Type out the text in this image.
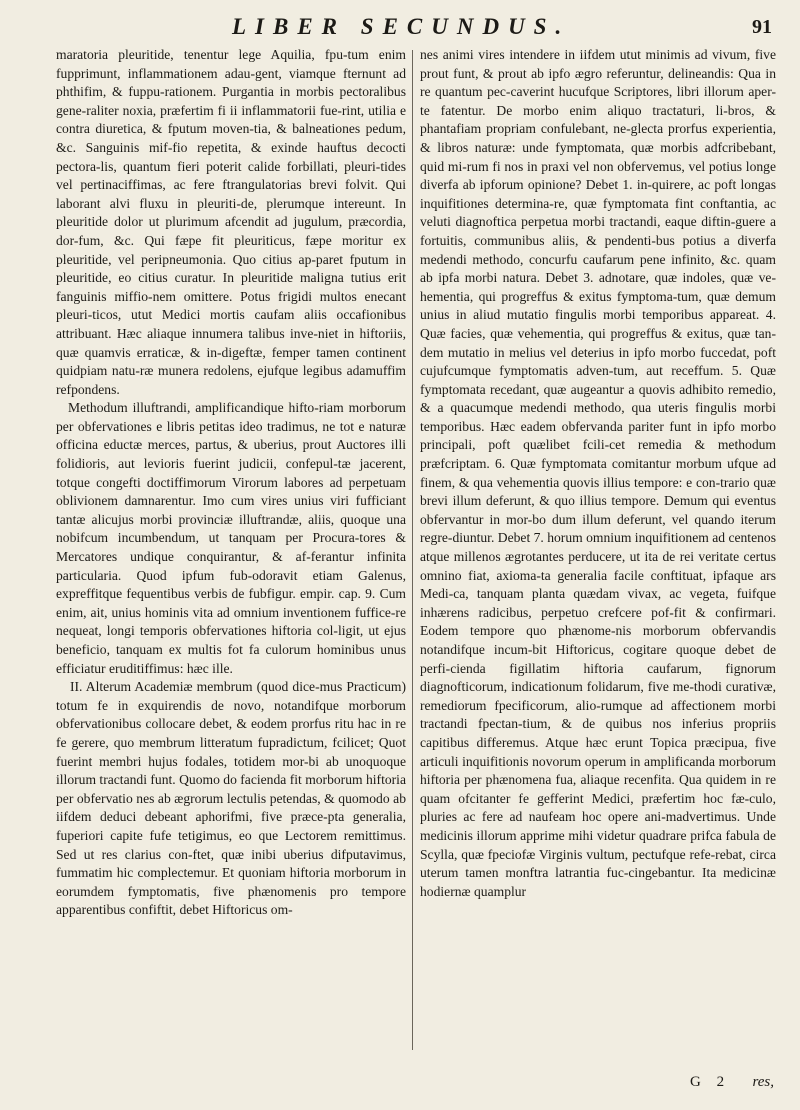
LIBER SECUNDUS.	91

maratoria pleuritide, tenentur lege Aquilia, fpu-tum enim fupprimunt, inflammationem adau-gent, viamque fternunt ad phthifim, & fuppu-rationem. Purgantia in morbis pectoralibus gene-raliter noxia, præfertim fi ii inflammatorii fue-rint, utilia e contra diuretica, & fputum moven-tia, & balneationes pedum, &c. Sanguinis mif-fio repetita, & exinde hauftus decocti pectora-lis, quantum fieri poterit calide forbillati, pleuri-tides vel pertinaciffimas, ac fere ftrangulatorias brevi folvit. Qui laborant alvi fluxu in pleuriti-de, plerumque intereunt. In pleuritide dolor ut plurimum afcendit ad jugulum, præcordia, dor-fum, &c. Qui fæpe fit pleuriticus, fæpe moritur ex pleuritide, vel peripneumonia. Quo citius ap-paret fputum in pleuritide, eo citius curatur. In pleuritide maligna tutius erit fanguinis miffio-nem omittere. Potus frigidi multos enecant pleuri-ticos, utut Medici mortis caufam aliis occafionibus attribuant. Hæc aliaque innumera talibus inve-niet in hiftoriis, quæ quamvis erraticæ, & in-digeftæ, femper tamen continent quidpiam natu-ræ munera redolens, ejufque legibus adamuffim refpondens.

Methodum illuftrandi, amplificandique hifto-riam morborum per obfervationes e libris petitas ideo tradimus, ne tot e naturæ officina eductæ merces, partus, & uberius, prout Auctores illi folidioris, aut levioris fuerint judicii, confepul-tæ jacerent, totque congefti doctiffimorum Virorum labores ad perpetuam oblivionem damnarentur. Imo cum vires unius viri fufficiant tantæ alicujus morbi provinciæ illuftrandæ, aliis, quoque una nobifcum incumbendum, ut tanquam per Procura-tores & Mercatores undique conquirantur, & af-ferantur infinita particularia. Quod ipfum fub-odoravit etiam Galenus, expreffitque fequentibus verbis de fubfigur. empir. cap. 9. Cum enim, ait, unius hominis vita ad omnium inventionem fuffice-re nequeat, longi temporis obfervationes hiftoria col-ligit, ut ejus beneficio, tanquam ex multis fot fa culorum hominibus unus efficiatur eruditiffimus: hæc ille.

II. Alterum Academiæ membrum (quod dice-mus Practicum) totum fe in exquirendis de novo, notandifque morborum obfervationibus collocare debet, & eodem prorfus ritu hac in re fe gerere, quo membrum litteratum fupradictum, fcilicet; Quot fuerint membri hujus fodales, totidem mor-bi ab unoquoque illorum tractandi funt. Quomo do faciendа fit morborum hiftoria per obfervatio nes ab ægrorum lectulis petendas, & quomodo ab iifdem deduci debeant aphorifmi, five præce-pta generalia, fuperiori capite fufe tetigimus, eo que Lectorem remittimus. Sed ut res clarius con-ftet, quæ inibi uberius difputavimus, fummatim hic complectemur. Et quoniam hiftoria morborum in eorumdem fymptomatis, five phænomenis pro tempore apparentibus confiftit, debet Hiftoricus om-

nes animi vires intendere in iifdem utut minimis ad vivum, five prout funt, & prout ab ipfo ægro referuntur, delineandis: Qua in re quantum pec-caverint hucufque Scriptores, libri illorum aper-te fatentur. De morbo enim aliquo tractaturi, li-bros, & phantafiam propriam confulebant, ne-glecta prorfus experientia, & libros naturæ: unde fymptomata, quæ morbis adfcribebant, quid mi-rum fi nos in praxi vel non obfervemus, vel potius longe diverfa ab ipforum opinione? Debet 1. in-quirere, ac poft longas inquifitiones determina-re, quæ fymptomata fint conftantia, ac veluti diagnoftica perpetua morbi tractandi, eaque diftin-guere a fortuitis, communibus aliis, & pendenti-bus potius a diverfa medendi methodo, concurfu caufarum pene infinito, &c. quam ab ipfa morbi natura. Debet 3. adnotare, quæ indoles, quæ ve-hementia, qui progreffus & exitus fymptoma-tum, quæ demum unius in aliud mutatio fingulis morbi temporibus appareat. 4. Quæ facies, quæ vehementia, qui progreffus & exitus, quæ tan-dem mutatio in melius vel deterius in ipfo morbo fuccedat, poft cujufcumque fymptomatis adven-tum, aut receffum. 5. Quæ fymptomata recedant, quæ augeantur a quovis adhibito remedio, & a quacumque medendi methodo, qua uteris fingulis morbi temporibus. Hæc eadem obfervanda pariter funt in ipfo morbo principali, poft quælibet fcili-cet remedia & methodum præfcriptam. 6. Quæ fymptomata comitantur morbum ufque ad finem, & qua vehementia quovis illius tempore: e con-trario quæ brevi illum deferunt, & quo illius tempore. Demum qui eventus obfervantur in mor-bo dum illum deferunt, vel quando iterum regre-diuntur. Debet 7. horum omnium inquifitionem ad centenos atque millenos ægrotantes perducere, ut ita de rei veritate certus omnino fiat, axioma-ta generalia facile conftituat, ipfaque ars Medi-ca, tanquam planta quædam vivax, ac vegeta, fuifque inhærens radicibus, perpetuo crefcere pof-fit & confirmari. Eodem tempore quo phænome-nis morborum obfervandis notandifque incum-bit Hiftoricus, cogitare quoque debet de perfi-cienda figillatim hiftoria caufarum, fignorum diagnofticorum, indicationum folidarum, five me-thodi curativæ, remediorum fpecificorum, alio-rumque ad affectionem morbi tractandi fpectan-tium, & de quibus nos inferius propriis capitibus differemus. Atque hæc erunt Topica præcipua, five articuli inquifitionis novorum operum in amplificanda morborum hiftoria per phænomena fua, aliaque recenfita. Qua quidem in re quam ofcitanter fe gefferint Medici, præfertim hoc fæ-culo, pluries ac fere ad naufeam hoc opere ani-madvertimus. Unde medicinis illorum apprime mihi videtur quadrare prifca fabula de Scylla, quæ fpeciofæ Virginis vultum, pectufque refe-rebat, circa uterum tamen monftra latrantia fuc-cingebantur. Ita medicinæ hodiernæ quamplur

G 2 res,
